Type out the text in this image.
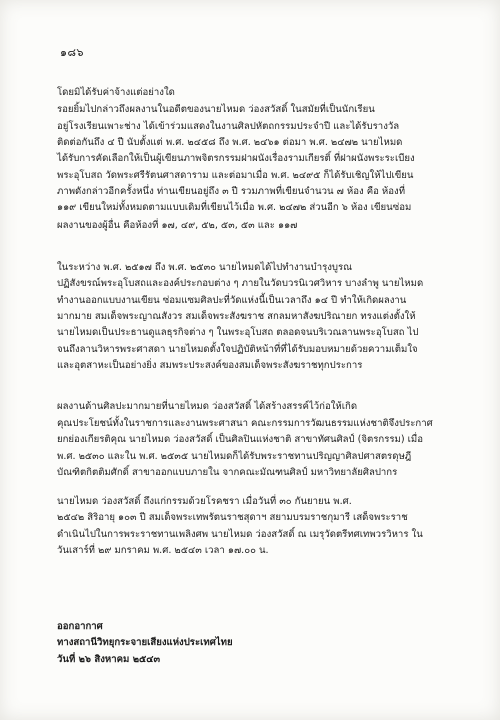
๑๘๖
โดยมิได้รับค่าจ้างแต่อย่างใด
รอยยิ้มไปกล่าวถึงผลงานในอดีตของนายไหมด ว่องสวัสดิ์ ในสมัยที่เป็นนักเรียน
อยู่โรงเรียนเพาะช่าง ได้เข้าร่วมแสดงในงานศิลปหัตถกรรมประจำปี และได้รับรางวัล
ติดต่อกันถึง ๔ ปี นับตั้งแต่ พ.ศ. ๒๔๕๘ ถึง พ.ศ. ๒๔๖๑ ต่อมา พ.ศ. ๒๔๗๒ นายไหมด
ได้รับการคัดเลือกให้เป็นผู้เขียนภาพจิตรกรรมฝาผนังเรื่องรามเกียรติ์ ที่ฝาผนังพระระเบียง
พระอุโบสถ วัดพระศรีรัตนศาสดาราม และต่อมาเมื่อ พ.ศ. ๒๔๙๕ ก็ได้รับเชิญให้ไปเขียน
ภาพดังกล่าวอีกครั้งหนึ่ง ท่านเขียนอยู่ถึง ๓ ปี รวมภาพที่เขียนจำนวน ๗ ห้อง คือ ห้องที่
๑๑๙ เขียนใหม่ทั้งหมดตามแบบเดิมที่เขียนไว้เมื่อ พ.ศ. ๒๔๗๒ ส่วนอีก ๖ ห้อง เขียนซ่อม
ผลงานของผู้อื่น คือห้องที่ ๑๗, ๔๙, ๕๒, ๕๓, ๕๓ และ ๑๑๗
ในระหว่าง พ.ศ. ๒๕๑๗ ถึง พ.ศ. ๒๕๓๐ นายไหมดได้ไปทำงานบำรุงบูรณ
ปฏิสังขรณ์พระอุโบสถและองค์ประกอบต่าง ๆ ภายในวัดบวรนิเวศวิหาร บางลำพู นายไหมด
ทำงานออกแบบงานเขียน ซ่อมแซมศิลปะที่วัดแห่งนี้เป็นเวลาถึง ๑๔ ปี ทำให้เกิดผลงาน
มากมาย สมเด็จพระญาณสังวร สมเด็จพระสังฆราช สกลมหาสังฆปริณายก ทรงแต่งตั้งให้
นายไหมดเป็นประธานดูแลธุรกิจต่าง ๆ ในพระอุโบสถ ตลอดจนบริเวณลานพระอุโบสถ ไป
จนถึงลานวิหารพระศาสดา นายไหมดตั้งใจปฏิบัติหน้าที่ที่ได้รับมอบหมายด้วยความเต็มใจ
และอุตสาหะเป็นอย่างยิ่ง สมพระประสงค์ของสมเด็จพระสังฆราชทุกประการ
ผลงานด้านศิลปะมากมายที่นายไหมด ว่องสวัสดิ์ ได้สร้างสรรค์ไว้ก่อให้เกิด
คุณประโยชน์ทั้งในราชการและงานพระศาสนา คณะกรรมการวัฒนธรรมแห่งชาติจึงประกาศ
ยกย่องเกียรติคุณ นายไหมด ว่องสวัสดิ์ เป็นศิลปินแห่งชาติ สาขาทัศนศิลป์ (จิตรกรรม) เมื่อ
พ.ศ. ๒๕๓๐ และใน พ.ศ. ๒๕๓๕ นายไหมดก็ได้รับพระราชทานปริญญาศิลปศาสตรดุษฎี
บัณฑิตกิตติมศักดิ์ สาขาออกแบบภายใน จากคณะมัณฑนศิลป์ มหาวิทยาลัยศิลปากร
นายไหมด ว่องสวัสดิ์ ถึงแก่กรรมด้วยโรคชรา เมื่อวันที่ ๓๐ กันยายน พ.ศ.
๒๕๔๒ สิริอายุ ๑๐๓ ปี สมเด็จพระเทพรัตนราชสุดาฯ สยามบรมราชกุมารี เสด็จพระราช
ดำเนินไปในการพระราชทานเพลิงศพ นายไหมด ว่องสวัสดิ์ ณ เมรุวัดตรีทศเทพวรวิหาร ใน
วันเสาร์ที่ ๒๙ มกราคม พ.ศ. ๒๕๔๓ เวลา ๑๗.๐๐ น.
ออกอากาศ
ทางสถานีวิทยุกระจายเสียงแห่งประเทศไทย
วันที่ ๒๖ สิงหาคม ๒๕๔๓
